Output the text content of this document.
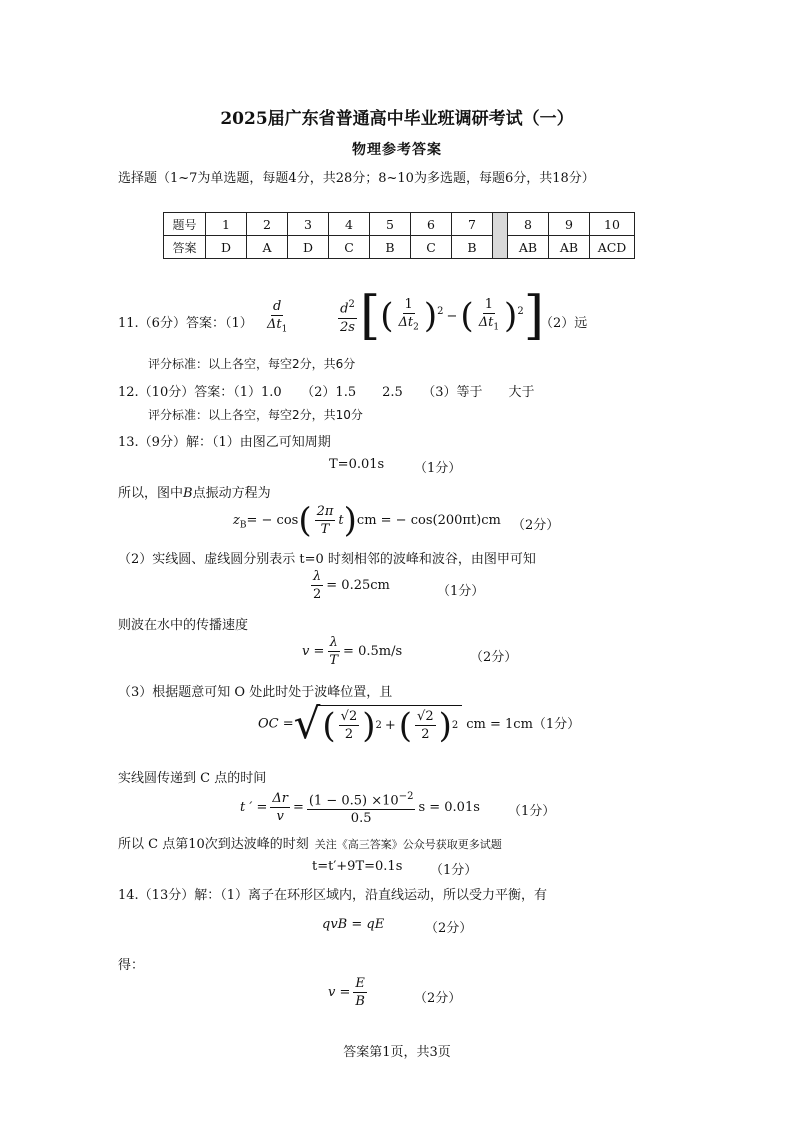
2025届广东省普通高中毕业班调研考试（一）
物理参考答案
选择题（1~7为单选题，每题4分，共28分；8~10为多选题，每题6分，共18分）
题号	1	2	3	4	5	6	7		8	9	10
答案	D	A	D	C	B	C	B		AB	AB	ACD
11.（6分）答案：$(1) \frac{d}{\Delta t_1}$	$\frac{d^2}{2s}$ [( $\frac{1}{\Delta t_2} )^2$ −( $\frac{1}{\Delta t_1} )^2$]
（2）远
评分标准：以上各空，每空2分，共6分
12.（10分）答案：（1）1.0　　（2）1.5　　2.5　　（3）等于　　大于
评分标准：以上各空，每空2分，共10分
13.（9分）解：（1）由图乙可知周期
T=0.01s （1分）
所以，图中B点振动方程为
$z_B= - \cos( \frac{2\pi}{T} t)cm$ = − cos(200πt)cm （2分）
（2）实线圆、虚线圆分别表示 t=0 时刻相邻的波峰和波谷，由图甲可知
$\frac{\lambda}{2} = 0.25cm$	（1分）
则波在水中的传播速度
$v = \frac{\lambda}{T} = 0.5m/s$	（2分）
（3）根据题意可知 O 处此时处于波峰位置，且
OC = √ ( $\frac{√2}{2}$ ) 2 + ( $\frac{√2}{2}$ ) 2 cm = 1cm（1分）
实线圆传递到 C 点的时间
t ′ = $\frac{\Delta r}{v} = \frac{(1 - 0.5) \times 10^{-2}}{0.5}$ s = 0.01s （1分）
所以 C 点第10次到达波峰的时刻 关注《高三答案》公众号获取更多试题
t=t′+9T=0.1s （1分）
14.（13分）解：（1）离子在环形区域内，沿直线运动，所以受力平衡，有
qvB = qE	（2分）
得：
$v = \frac{E}{B}$	（2分）
答案第1页，共3页
